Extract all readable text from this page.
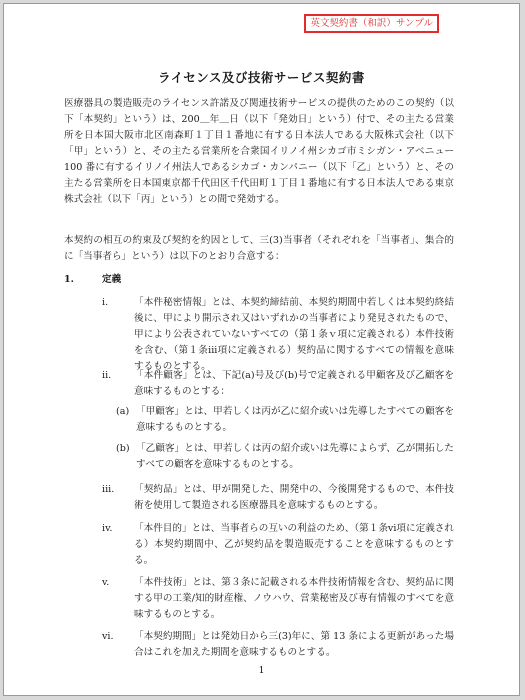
英文契約書（和訳）サンプル
ライセンス及び技術サービス契約書
医療器具の製造販売のライセンス許諾及び関連技術サービスの提供のためのこの契約（以下「本契約」という）は、200＿年＿日（以下「発効日」という）付で、その主たる営業所を日本国大阪市北区南森町１丁目１番地に有する日本法人である大阪株式会社（以下「甲」という）と、その主たる営業所を合衆国イリノイ州シカゴ市ミシガン・アベニュー100 番に有するイリノイ州法人であるシカゴ・カンパニー（以下「乙」という）と、その主たる営業所を日本国東京都千代田区千代田町１丁目１番地に有する日本法人である東京株式会社（以下「丙」という）との間で発効する。
本契約の相互の約束及び契約を約因として、三(3)当事者（それぞれを「当事者」、集合的に「当事者ら」という）は以下のとおり合意する：
1.	定義
i.	「本件秘密情報」とは、本契約締結前、本契約期間中若しくは本契約終結後に、甲により開示され又はいずれかの当事者により発見されたもので、甲により公表されていないすべての（第１条ｖ項に定義される）本件技術を含む、（第１条iii項に定義される）契約品に関するすべての情報を意味するものとする。
ii. 「本件顧客」とは、下記(a)号及び(b)号で定義される甲顧客及び乙顧客を意味するものとする：
(a) 「甲顧客」とは、甲若しくは丙が乙に紹介或いは先導したすべての顧客を意味するものとする。
(b) 「乙顧客」とは、甲若しくは丙の紹介或いは先導によらず、乙が開拓したすべての顧客を意味するものとする。
iii. 「契約品」とは、甲が開発した、開発中の、今後開発するもので、本件技術を使用して製造される医療器具を意味するものとする。
iv. 「本件目的」とは、当事者らの互いの利益のため、（第１条vi項に定義される）本契約期間中、乙が契約品を製造販売することを意味するものとする。
v.	「本件技術」とは、第３条に記載される本件技術情報を含む、契約品に関する甲の工業/知的財産権、ノウハウ、営業秘密及び専有情報のすべてを意味するものとする。
vi. 「本契約期間」とは発効日から三(3)年に、第 13 条による更新があった場合はこれを加えた期間を意味するものとする。
1
